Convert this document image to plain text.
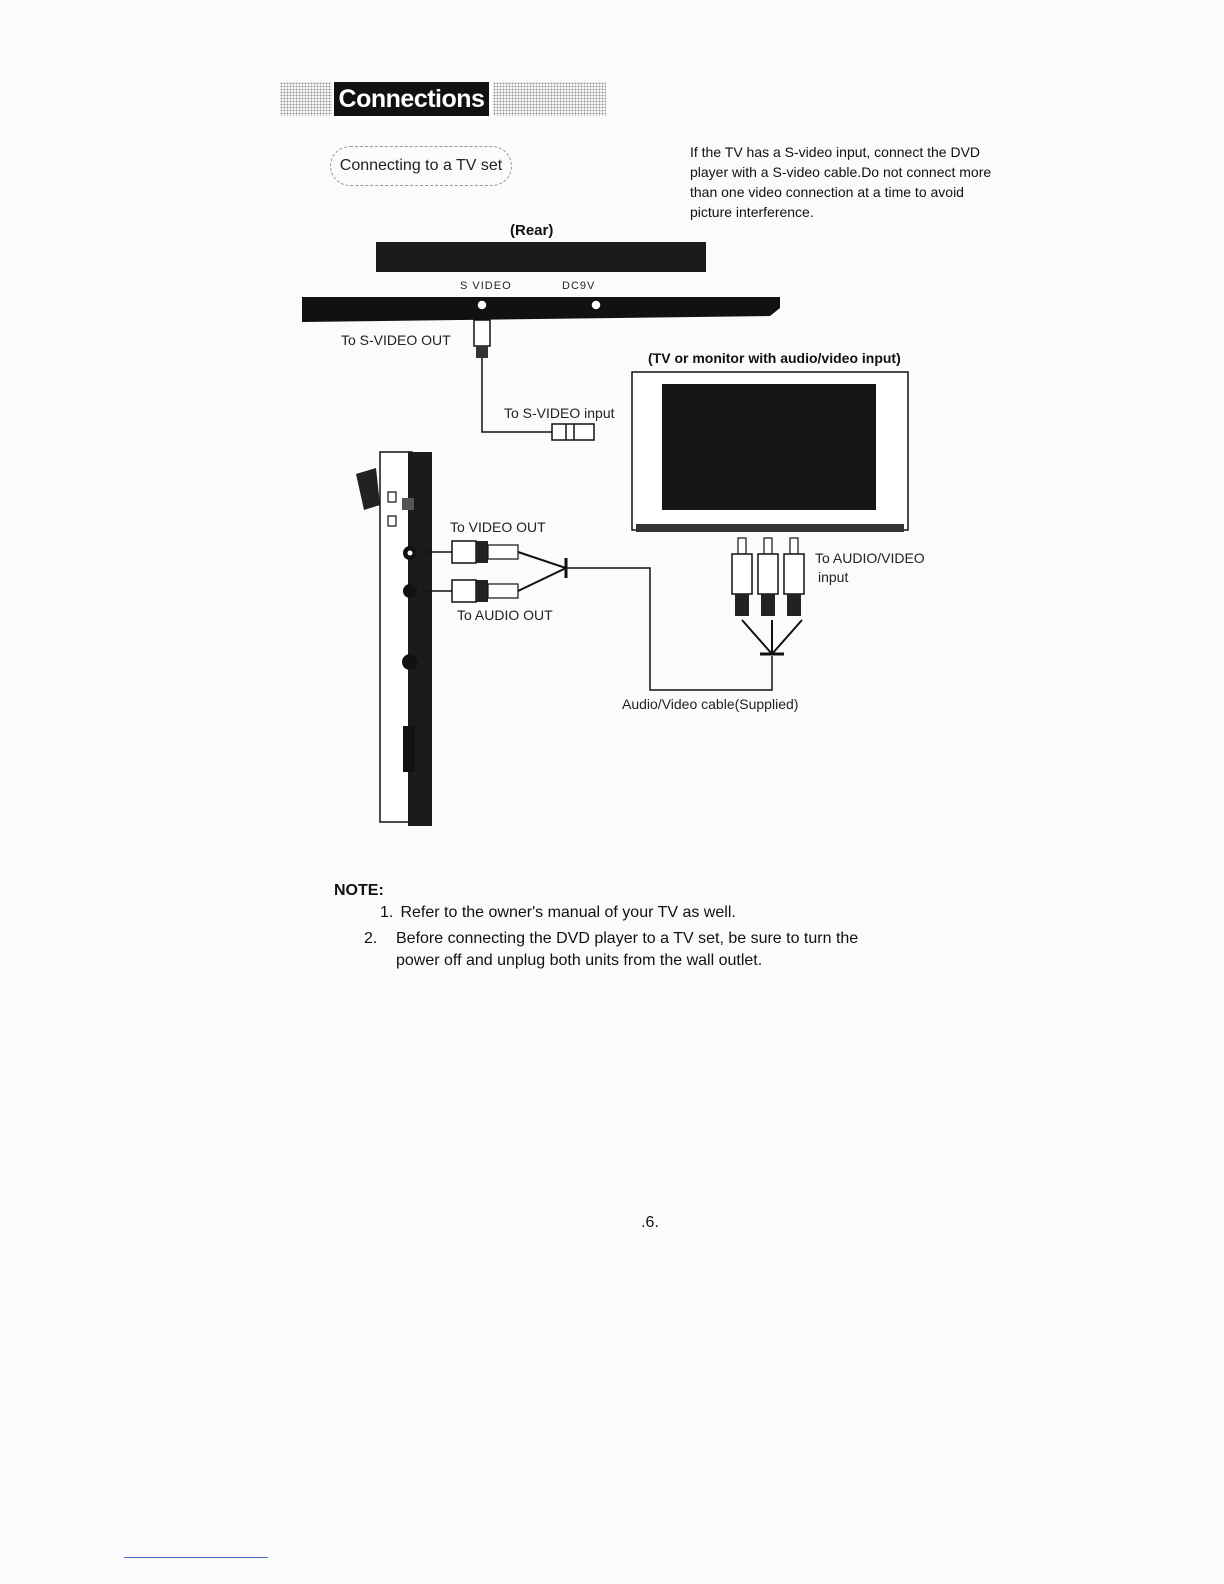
Connections
Connecting to a TV set
If the TV has a S-video input, connect the DVD player with a S-video cable.Do not connect more than one video connection at a time to avoid picture interference.
(Rear)
S VIDEO	DC9V
To S-VIDEO OUT
To S-VIDEO input
(TV or monitor with audio/video input)
To VIDEO OUT
To AUDIO OUT
To AUDIO/VIDEO
input
Audio/Video cable(Supplied)
NOTE:
1. Refer to the owner's manual of your TV as well.
2. Before connecting the DVD player to a TV set, be sure to turn the power off and unplug both units from the wall outlet.
.6.
